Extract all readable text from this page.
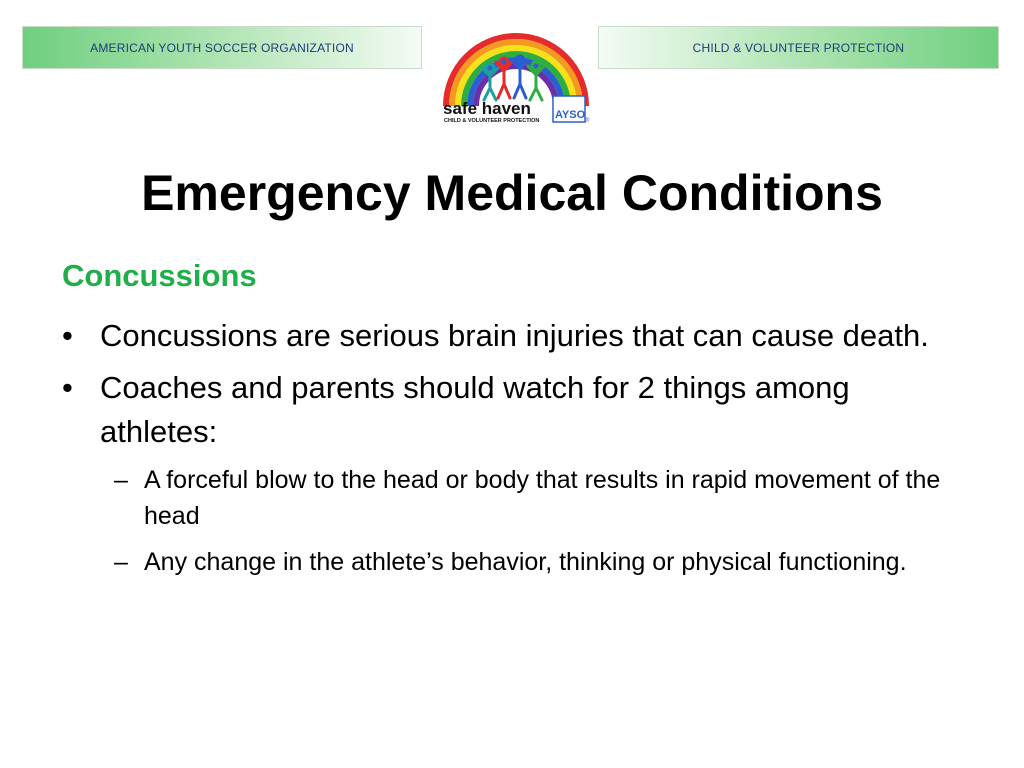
AMERICAN YOUTH SOCCER ORGANIZATION
safe haven
CHILD & VOLUNTEER PROTECTION AYSO ®
CHILD & VOLUNTEER PROTECTION
Emergency Medical Conditions
Concussions
• Concussions are serious brain injuries that can cause death.
• Coaches and parents should watch for 2 things among athletes:
– A forceful blow to the head or body that results in rapid movement of the head
– Any change in the athlete’s behavior, thinking or physical functioning.
